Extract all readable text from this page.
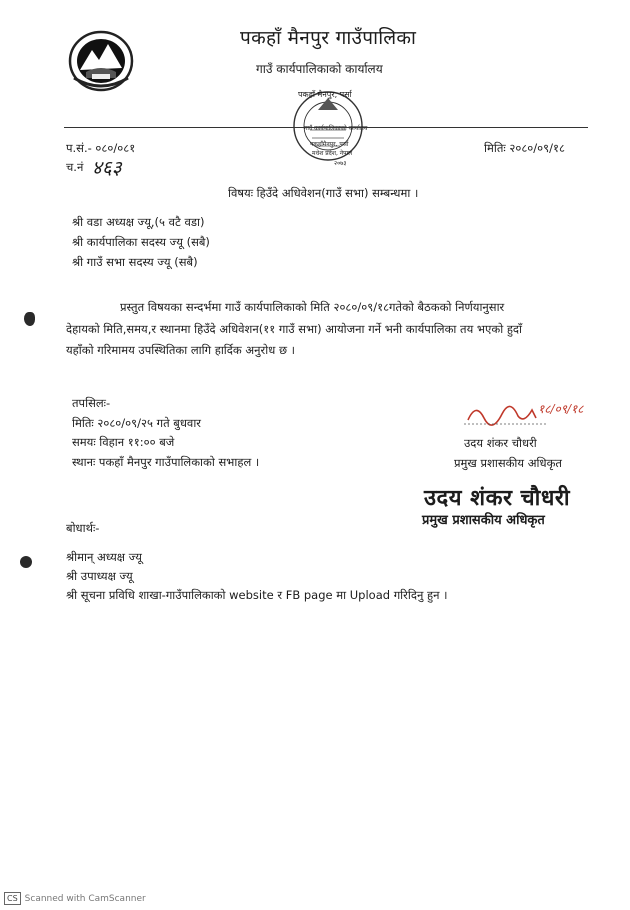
पकहाँ मैनपुर गाउँपालिका
गाउँ कार्यपालिकाको कार्यालय
पकहाँ मैनपुर, पर्सा
गाउँ कार्यपालिकाको कार्यालय
पकहाँमैनपुर, पर्सा
मधेश प्रदेश, नेपाल
२०७३
प.सं.- ०८०/०८१
च.नं ४६३
मितिः २०८०/०९/१८
विषयः हिउँदे अधिवेशन(गाउँ सभा) सम्बन्धमा ।
श्री वडा अध्यक्ष ज्यू,(५ वटै वडा)
श्री कार्यपालिका सदस्य ज्यू (सबै)
श्री गाउँ सभा सदस्य ज्यू (सबै)
प्रस्तुत विषयका सन्दर्भमा गाउँ कार्यपालिकाको मिति २०८०/०९/१८गतेको बैठकको निर्णयानुसार
देहायको मिति,समय,र स्थानमा हिउँदे अधिवेशन(११ गाउँ सभा) आयोजना गर्ने भनी कार्यपालिका तय भएको हुदाँ
यहाँको गरिमामय उपस्थितिका लागि हार्दिक अनुरोध छ ।
तपसिलः-
मितिः २०८०/०९/२५ गते बुधवार
समयः विहान ११:०० बजे
स्थानः पकहाँ मैनपुर गाउँपालिकाको सभाहल ।
१८/०९/१८
उदय शंकर चौधरी
प्रमुख प्रशासकीय अधिकृत
उदय शंकर चौधरी
प्रमुख प्रशासकीय अधिकृत
बोधार्थः-
श्रीमान् अध्यक्ष ज्यू
श्री उपाध्यक्ष ज्यू
श्री सूचना प्रविधि शाखा-गाउँपालिकाको website र FB page मा Upload गरिदिनु हुन ।
CS Scanned with CamScanner
